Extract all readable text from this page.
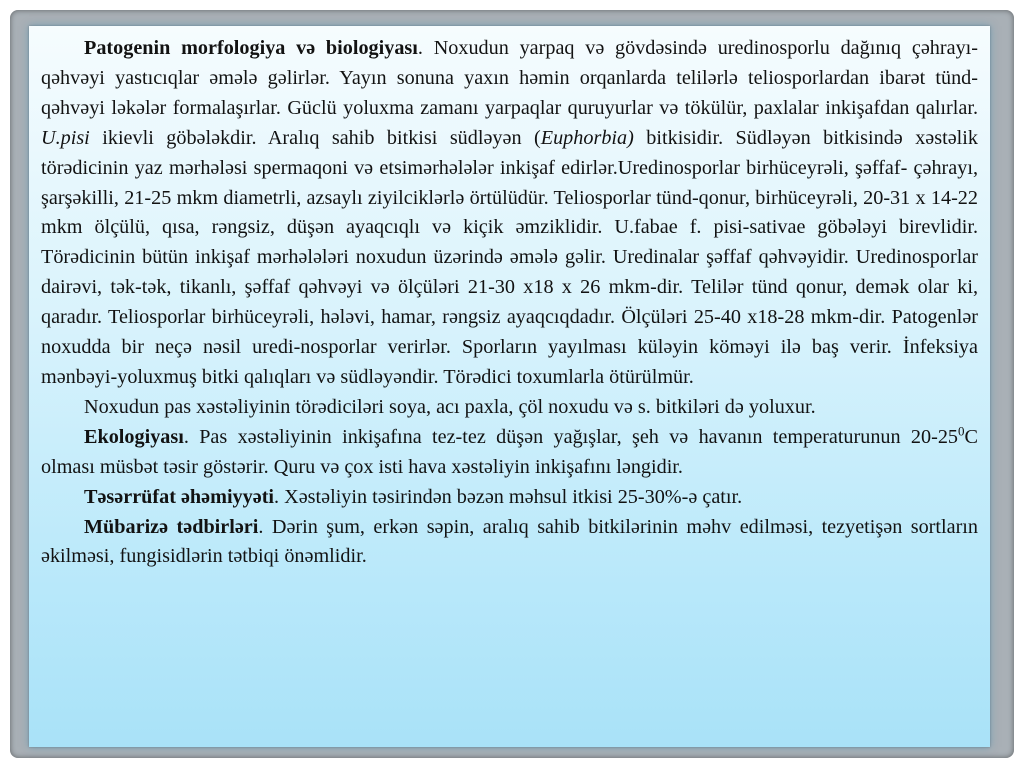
Patogenin morfologiya və biologiyası. Noxudun yarpaq və gövdəsində uredinosporlu dağınıq çəhrayı-qəhvəyi yastıcıqlar əmələ gəlirlər. Yayın sonuna yaxın həmin orqanlarda telilərlə teliosporlardan ibarət tünd- qəhvəyi ləkələr formalaşırlar. Güclü yoluxma zamanı yarpaqlar quruyurlar və tökülür, paxlalar inkişafdan qalırlar. U.pisi ikievli göbələkdir. Aralıq sahib bitkisi südləyən (Euphorbia) bitkisidir. Südləyən bitkisində xəstəlik törədicinin yaz mərhələsi spermaqoni və etsimərhələlər inkişaf edirlər.Uredinosporlar birhüceyrəli, şəffaf- çəhrayı, şarşəkilli, 21-25 mkm diametrli, azsaylı ziyilciklərlə örtülüdür. Teliosporlar tünd-qonur, birhüceyrəli, 20-31 x 14-22 mkm ölçülü, qısa, rəngsiz, düşən ayaqcıqlı və kiçik əmziklidir. U.fabae f. pisi-sativae göbələyi birevlidir. Törədicinin bütün inkişaf mərhələləri noxudun üzərində əmələ gəlir. Uredinalar şəffaf qəhvəyidir. Uredinosporlar dairəvi, tək-tək, tikanlı, şəffaf qəhvəyi və ölçüləri 21-30 x18 x 26 mkm-dir. Telilər tünd qonur, demək olar ki, qaradır. Teliosporlar birhüceyrəli, hələvi, hamar, rəngsiz ayaqcıqdadır. Ölçüləri 25-40 x18-28 mkm-dir. Patogenlər noxudda bir neçə nəsil uredi-nosporlar verirlər. Sporların yayılması küləyin köməyi ilə baş verir. İnfeksiya mənbəyi-yoluxmuş bitki qalıqları və südləyəndir. Törədici toxumlarla ötürülmür.

Noxudun pas xəstəliyinin törədiciləri soya, acı paxla, çöl noxudu və s. bitkiləri də yoluxur.

Ekologiyası. Pas xəstəliyinin inkişafına tez-tez düşən yağışlar, şeh və havanın temperaturunun $20-25^0C$ olması müsbət təsir göstərir. Quru və çox isti hava xəstəliyin inkişafını ləngidir.

Təsərrüfat əhəmiyyəti. Xəstəliyin təsirindən bəzən məhsul itkisi 25-30%-ə çatır.

Mübarizə tədbirləri. Dərin şum, erkən səpin, aralıq sahib bitkilərinin məhv edilməsi, tezyetişən sortların əkilməsi, fungisidlərin tətbiqi önəmlidir.
